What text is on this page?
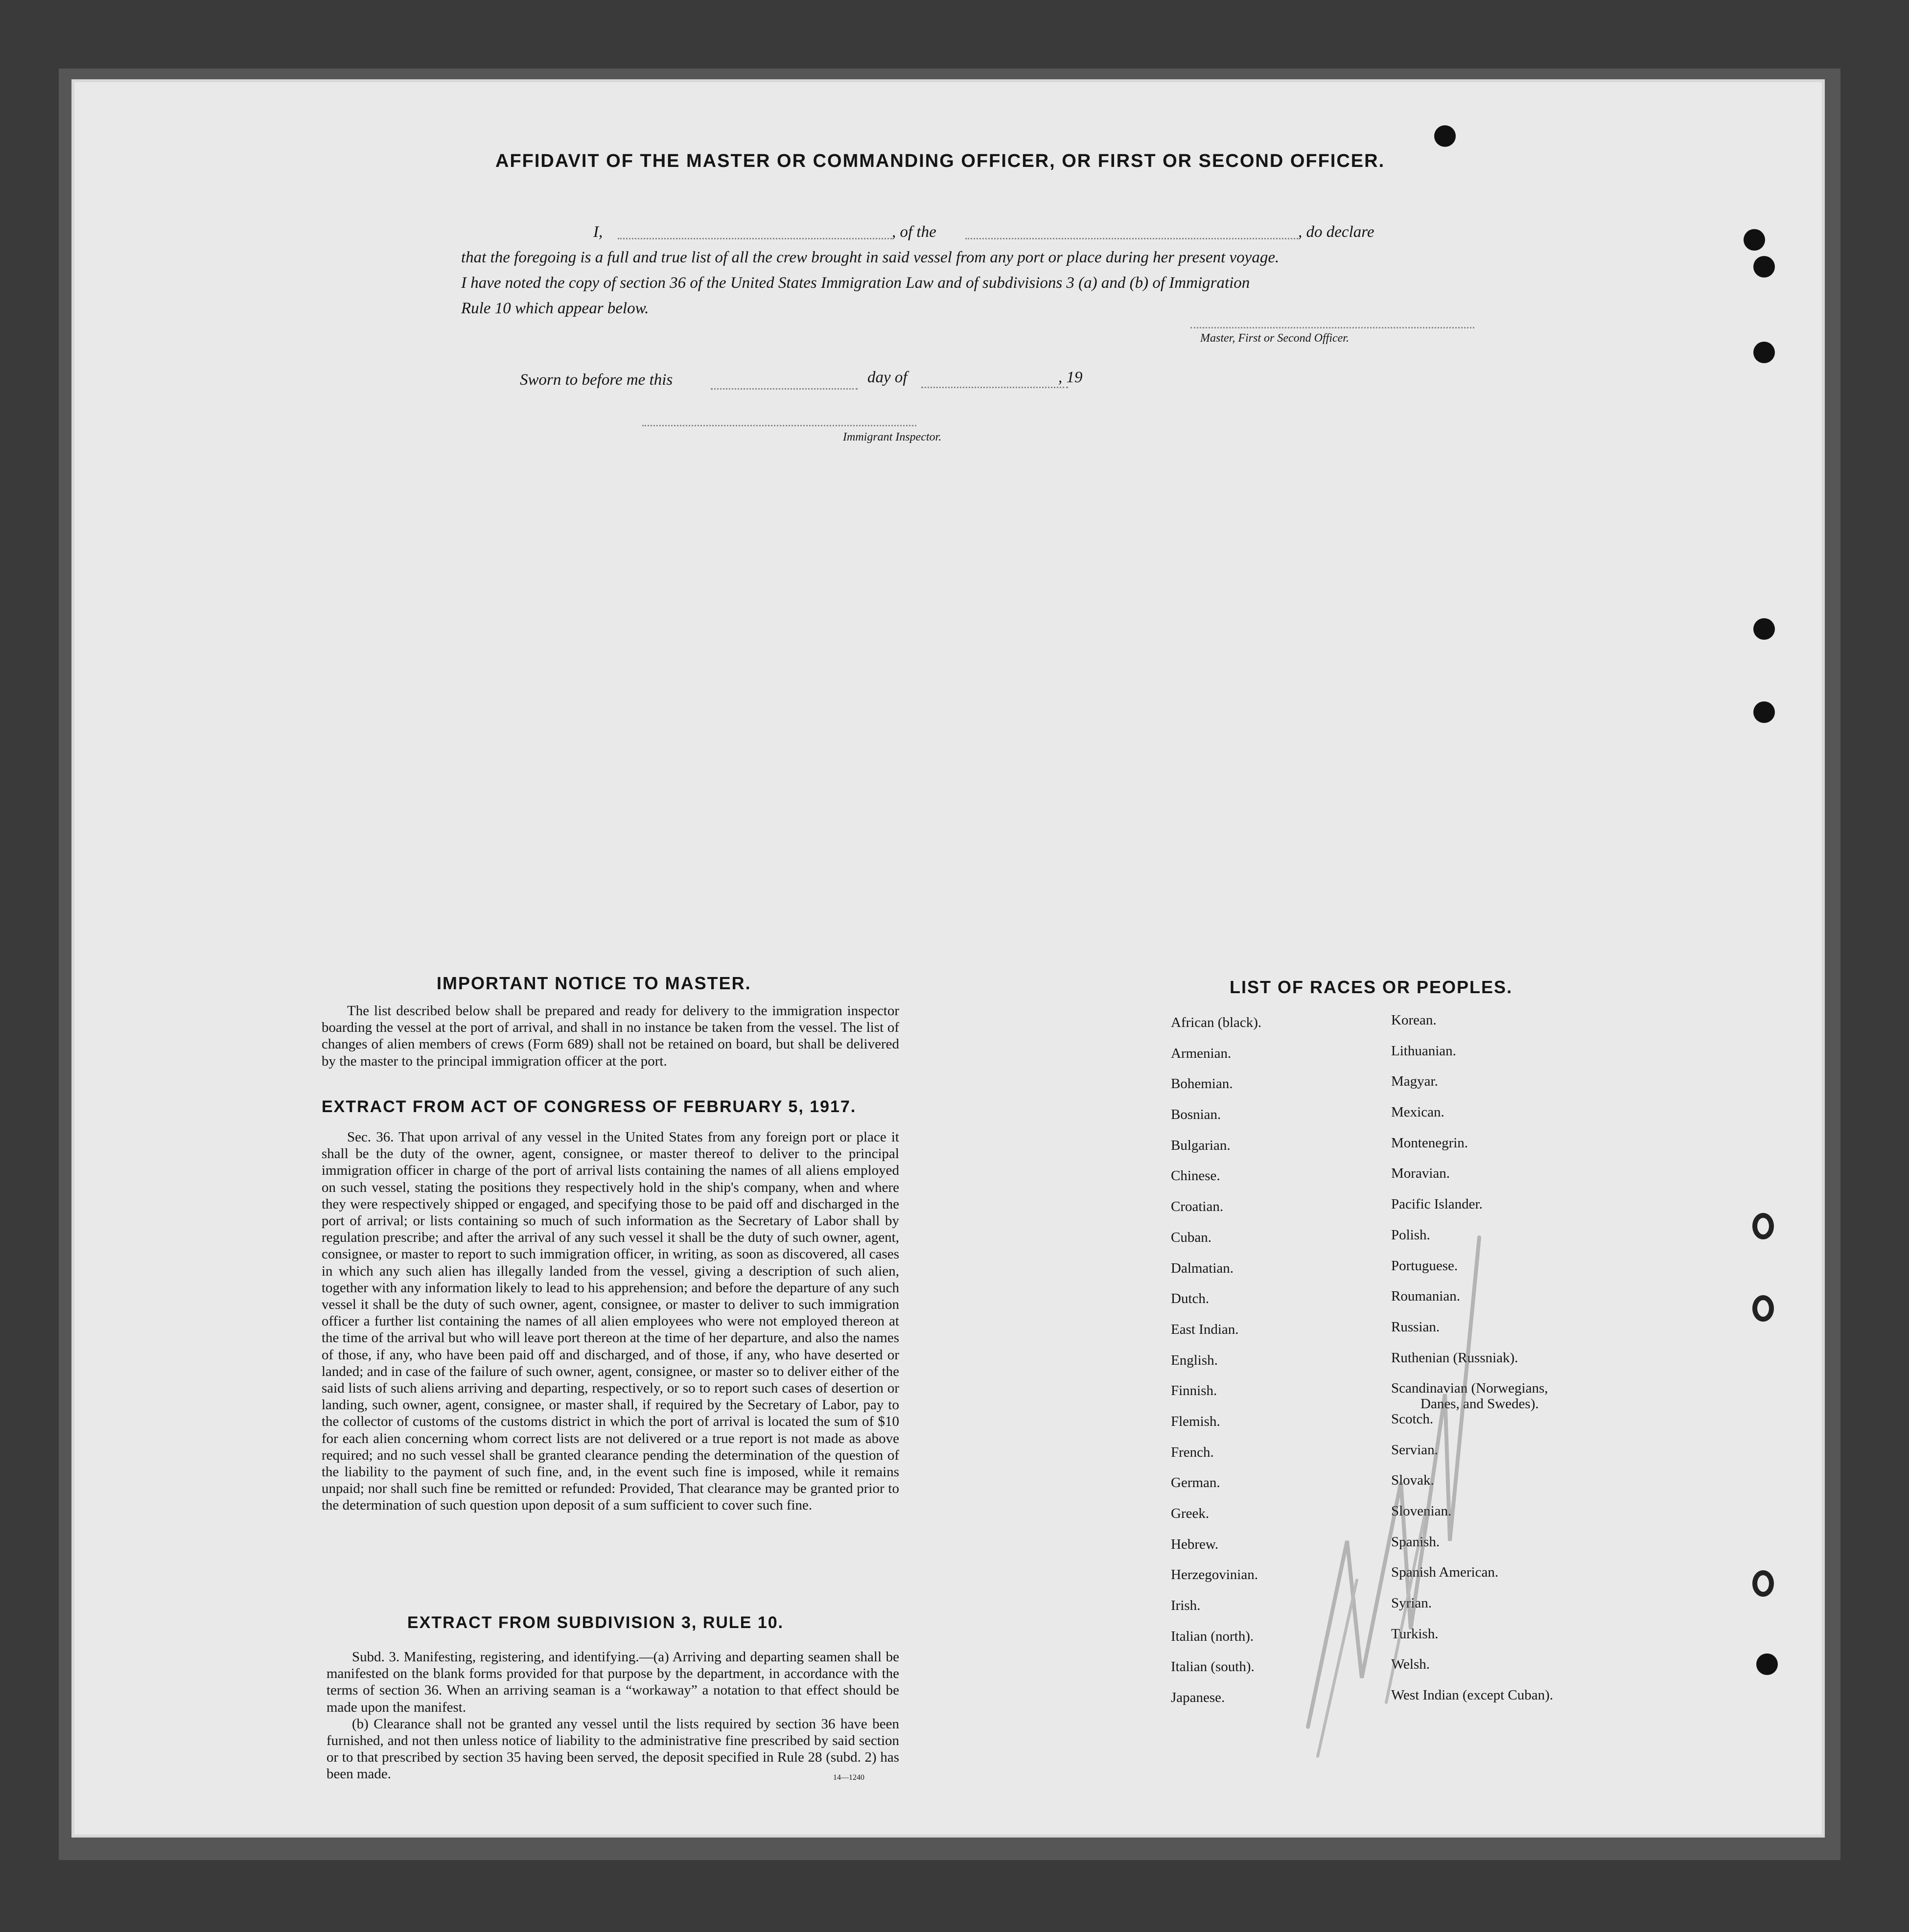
AFFIDAVIT OF THE MASTER OR COMMANDING OFFICER, OR FIRST OR SECOND OFFICER.
I,	, of the	, do declare
that the foregoing is a full and true list of all the crew brought in said vessel from any port or place during her present voyage.
I have noted the copy of section 36 of the United States Immigration Law and of subdivisions 3 (a) and (b) of Immigration
Rule 10 which appear below.
Master, First or Second Officer.
Sworn to before me this	day of	, 19
Immigrant Inspector.
IMPORTANT NOTICE TO MASTER.

The list described below shall be prepared and ready for delivery to the immigration inspector boarding the vessel at the port of arrival, and shall in no instance be taken from the vessel. The list of changes of alien members of crews (Form 689) shall not be retained on board, but shall be delivered by the master to the principal immigration officer at the port.

EXTRACT FROM ACT OF CONGRESS OF FEBRUARY 5, 1917.

Sec. 36. That upon arrival of any vessel in the United States from any foreign port or place it shall be the duty of the owner, agent, consignee, or master thereof to deliver to the principal immigration officer in charge of the port of arrival lists containing the names of all aliens employed on such vessel, stating the positions they respectively hold in the ship's company, when and where they were respectively shipped or engaged, and specifying those to be paid off and discharged in the port of arrival; or lists containing so much of such information as the Secretary of Labor shall by regulation prescribe; and after the arrival of any such vessel it shall be the duty of such owner, agent, consignee, or master to report to such immigration officer, in writing, as soon as discovered, all cases in which any such alien has illegally landed from the vessel, giving a description of such alien, together with any information likely to lead to his apprehension; and before the departure of any such vessel it shall be the duty of such owner, agent, consignee, or master to deliver to such immigration officer a further list containing the names of all alien employees who were not employed thereon at the time of the arrival but who will leave port thereon at the time of her departure, and also the names of those, if any, who have been paid off and discharged, and of those, if any, who have deserted or landed; and in case of the failure of such owner, agent, consignee, or master so to deliver either of the said lists of such aliens arriving and departing, respectively, or so to report such cases of desertion or landing, such owner, agent, consignee, or master shall, if required by the Secretary of Labor, pay to the collector of customs of the customs district in which the port of arrival is located the sum of $10 for each alien concerning whom correct lists are not delivered or a true report is not made as above required; and no such vessel shall be granted clearance pending the determination of the question of the liability to the payment of such fine, and, in the event such fine is imposed, while it remains unpaid; nor shall such fine be remitted or refunded: Provided, That clearance may be granted prior to the determination of such question upon deposit of a sum sufficient to cover such fine.

EXTRACT FROM SUBDIVISION 3, RULE 10.

Subd. 3. Manifesting, registering, and identifying.—(a) Arriving and departing seamen shall be manifested on the blank forms provided for that purpose by the department, in accordance with the terms of section 36. When an arriving seaman is a “workaway” a notation to that effect should be made upon the manifest.

(b) Clearance shall not be granted any vessel until the lists required by section 36 have been furnished, and not then unless notice of liability to the administrative fine prescribed by said section or to that prescribed by section 35 having been served, the deposit specified in Rule 28 (subd. 2) has been made.	14—1240
LIST OF RACES OR PEOPLES.
African (black).
Armenian.
Bohemian.
Bosnian.
Bulgarian.
Chinese.
Croatian.
Cuban.
Dalmatian.
Dutch.
East Indian.
English.
Finnish.
Flemish.
French.
German.
Greek.
Hebrew.
Herzegovinian.
Irish.
Italian (north).
Italian (south).
Japanese.
Korean.
Lithuanian.
Magyar.
Mexican.
Montenegrin.
Moravian.
Pacific Islander.
Polish.
Portuguese.
Roumanian.
Russian.
Ruthenian (Russniak).
Scandinavian (Norwegians,
Danes, and Swedes).
Scotch.
Servian.
Slovak.
Slovenian.
Spanish.
Spanish American.
Syrian.
Turkish.
Welsh.
West Indian (except Cuban).
